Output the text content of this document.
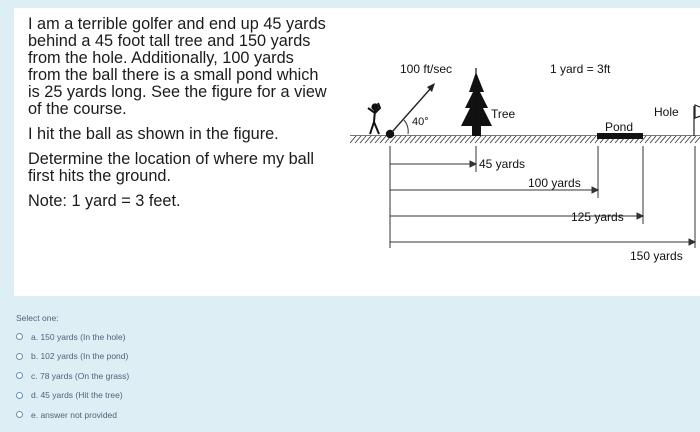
I am a terrible golfer and end up 45 yards behind a 45 foot tall tree and 150 yards from the hole. Additionally, 100 yards from the ball there is a small pond which is 25 yards long. See the figure for a view of the course.

I hit the ball as shown in the figure.

Determine the location of where my ball first hits the ground.

Note: 1 yard = 3 feet.

100 ft/sec
40°
Tree
1 yard = 3ft
Pond
Hole
45 yards
100 yards
125 yards
150 yards
Select one:
a. 150 yards (In the hole)
b. 102 yards (In the pond)
c. 78 yards (On the grass)
d. 45 yards (Hit the tree)
e. answer not provided
